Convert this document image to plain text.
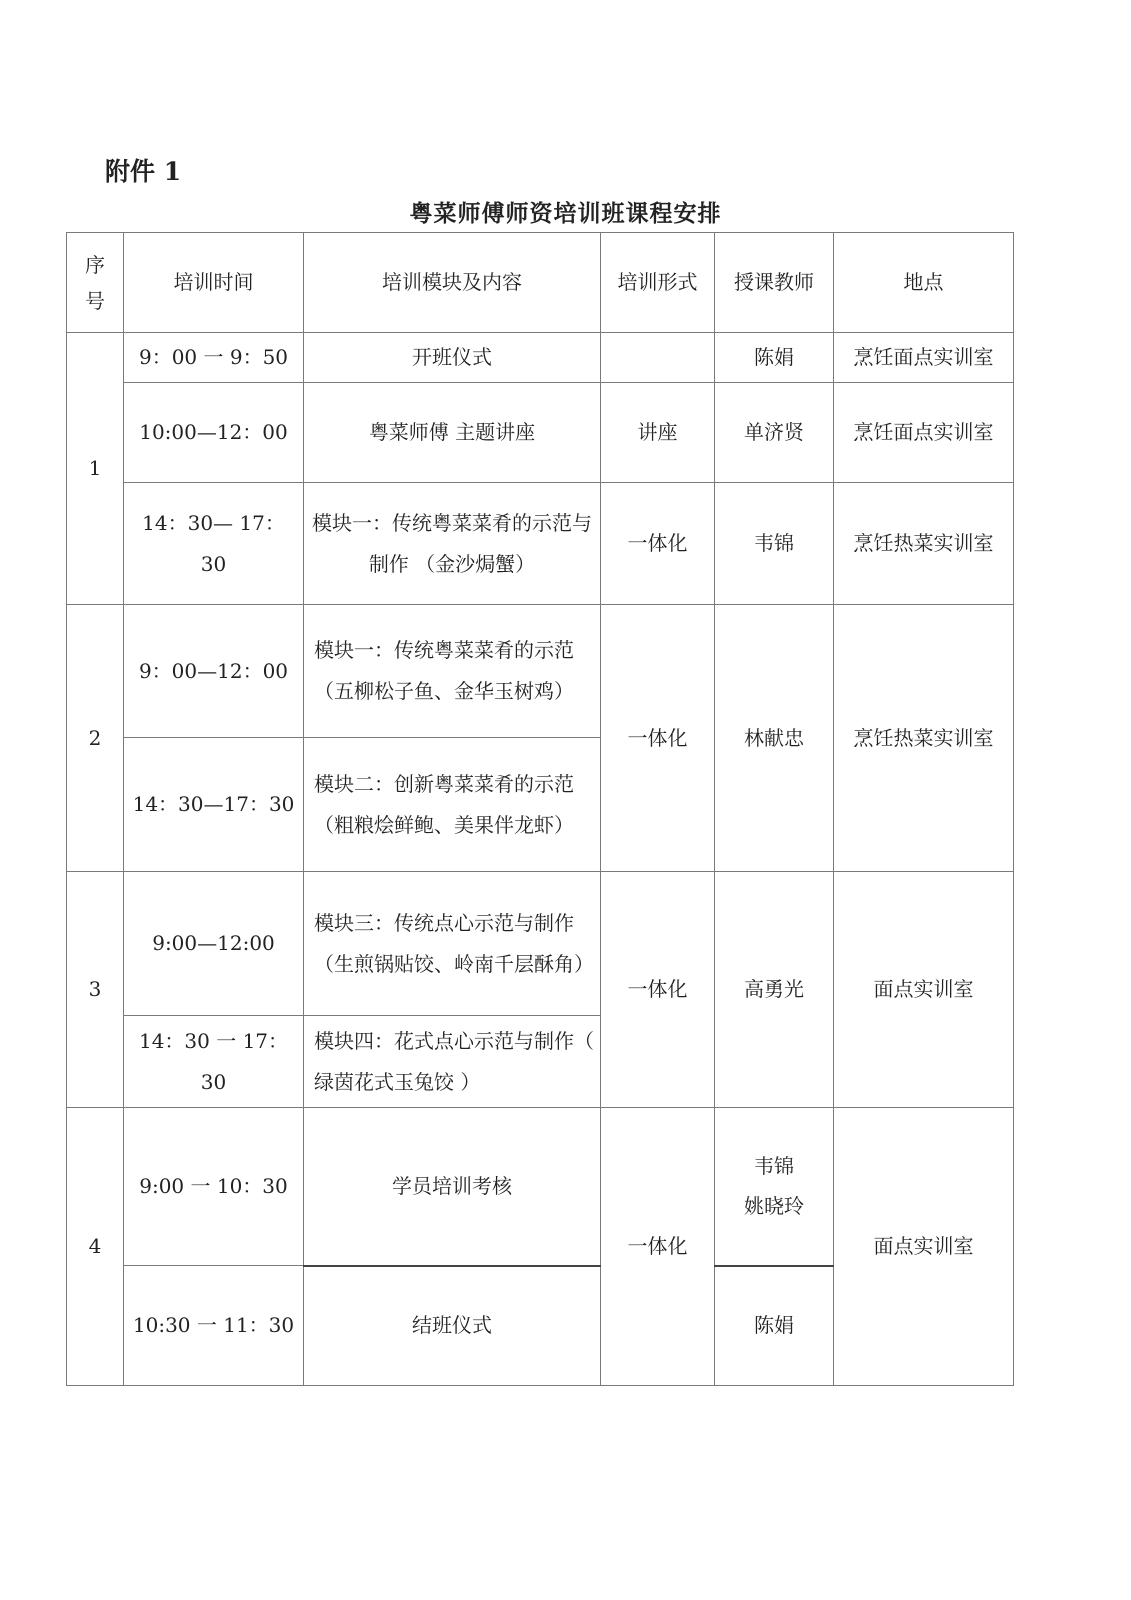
附件 1
粤菜师傅师资培训班课程安排
序
号	培训时间	培训模块及内容	培训形式	授课教师	地点
1	9：00 一 9：50	开班仪式		陈娟	烹饪面点实训室
	10:00—12：00	粤菜师傅 主题讲座	讲座	单济贤	烹饪面点实训室
	14：30— 17：30	模块一：传统粤菜菜肴的示范与制作 （金沙焗蟹）	一体化	韦锦	烹饪热菜实训室
2	9：00—12：00	模块一：传统粤菜菜肴的示范 （五柳松子鱼、金华玉树鸡）	一体化	林献忠	烹饪热菜实训室
	14：30—17：30	模块二：创新粤菜菜肴的示范 （粗粮烩鲜鲍、美果伴龙虾）			
3	9:00—12:00	模块三：传统点心示范与制作（生煎锅贴饺、岭南千层酥角）	一体化	高勇光	面点实训室
	14：30 一 17：30	模块四：花式点心示范与制作（ 绿茵花式玉兔饺 ）			
4	9:00 一 10：30	学员培训考核	一体化	韦锦
姚晓玲	面点实训室
	10:30 一 11：30	结班仪式		陈娟	
